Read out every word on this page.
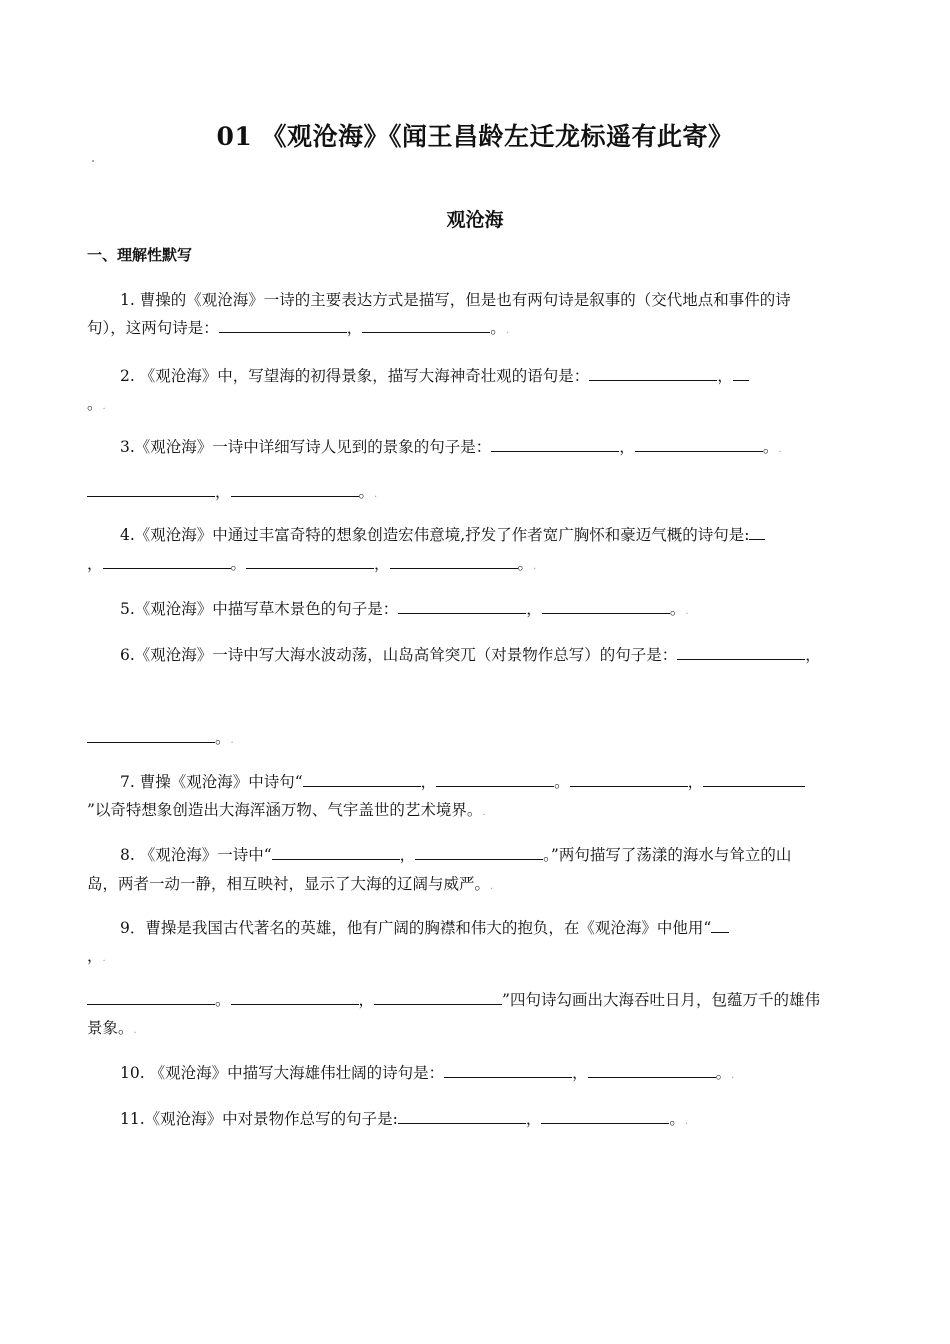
01 《观沧海》《闻王昌龄左迁龙标遥有此寄》
观沧海
一、理解性默写
1. 曹操的《观沧海》一诗的主要表达方式是描写，但是也有两句诗是叙事的（交代地点和事件的诗
句），这两句诗是：	，	。.
2. 《观沧海》中，写望海的初得景象，描写大海神奇壮观的语句是：	，
。.
3.《观沧海》一诗中详细写诗人见到的景象的句子是：	，	。.
，	。.
4.《观沧海》中通过丰富奇特的想象创造宏伟意境,抒发了作者宽广胸怀和豪迈气概的诗句是:
，	。	，	。.
5.《观沧海》中描写草木景色的句子是：	，	。.
6.《观沧海》一诗中写大海水波动荡，山岛高耸突兀（对景物作总写）的句子是：	，
。.
7. 曹操《观沧海》中诗句“	，	。	，
”以奇特想象创造出大海浑涵万物、气宇盖世的艺术境界。.
8. 《观沧海》一诗中“	，	。”两句描写了荡漾的海水与耸立的山
岛，两者一动一静，相互映衬，显示了大海的辽阔与威严。.
9．曹操是我国古代著名的英雄，他有广阔的胸襟和伟大的抱负，在《观沧海》中他用“
，.
。	，	”四句诗勾画出大海吞吐日月，包蕴万千的雄伟
景象。.
10. 《观沧海》中描写大海雄伟壮阔的诗句是：	，	。.
11.《观沧海》中对景物作总写的句子是:	，	。.
